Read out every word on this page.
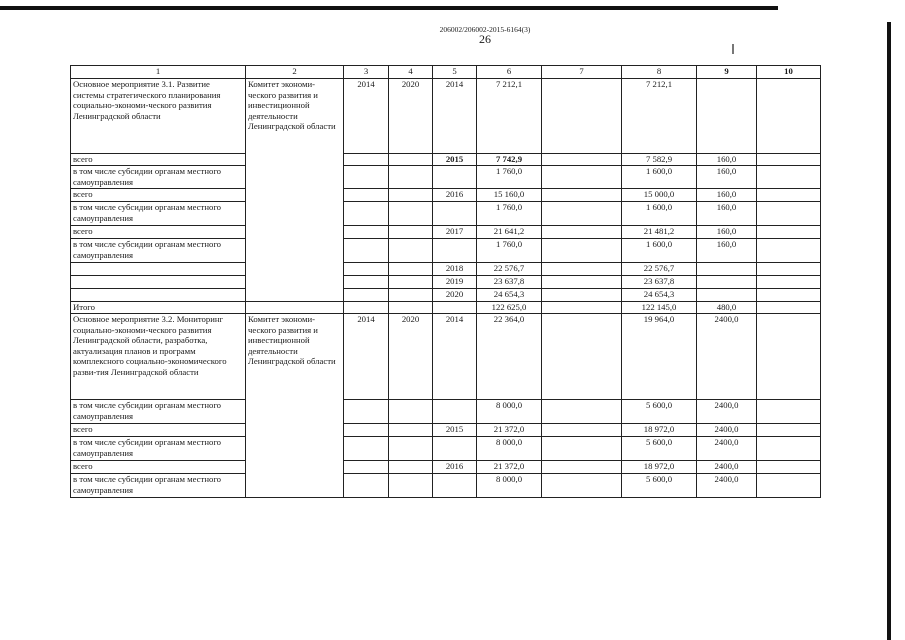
206002/206002-2015-6164(3)
26
1	2	3	4	5	6	7	8	9	10
Основное мероприятие 3.1. Развитие системы стратегического планирования социально-экономи-ческого развития Ленинградской области	Комитет экономи-ческого развития и инвестиционной деятельности Ленинградской области	2014	2020	2014	7 212,1		7 212,1		
всего				2015	7 742,9		7 582,9	160,0	
в том числе субсидии органам местного самоуправления					1 760,0		1 600,0	160,0	
всего				2016	15 160,0		15 000,0	160,0	
в том числе субсидии органам местного самоуправления					1 760,0		1 600,0	160,0	
всего				2017	21 641,2		21 481,2	160,0	
в том числе субсидии органам местного самоуправления					1 760,0		1 600,0	160,0	
				2018	22 576,7		22 576,7		
				2019	23 637,8		23 637,8		
				2020	24 654,3		24 654,3		
Итого					122 625,0		122 145,0	480,0	
Основное мероприятие 3.2. Мониторинг социально-экономи-ческого развития Ленинградской области, разработка, актуализация планов и программ комплексного социально-экономического разви-тия Ленинградской области	Комитет экономи-ческого развития и инвестиционной деятельности Ленинградской области	2014	2020	2014	22 364,0		19 964,0	2400,0	
в том числе субсидии органам местного самоуправления					8 000,0		5 600,0	2400,0	
всего				2015	21 372,0		18 972,0	2400,0	
в том числе субсидии органам местного самоуправления					8 000,0		5 600,0	2400,0	
всего				2016	21 372,0		18 972,0	2400,0	
в том числе субсидии органам местного самоуправления					8 000,0		5 600,0	2400,0	
